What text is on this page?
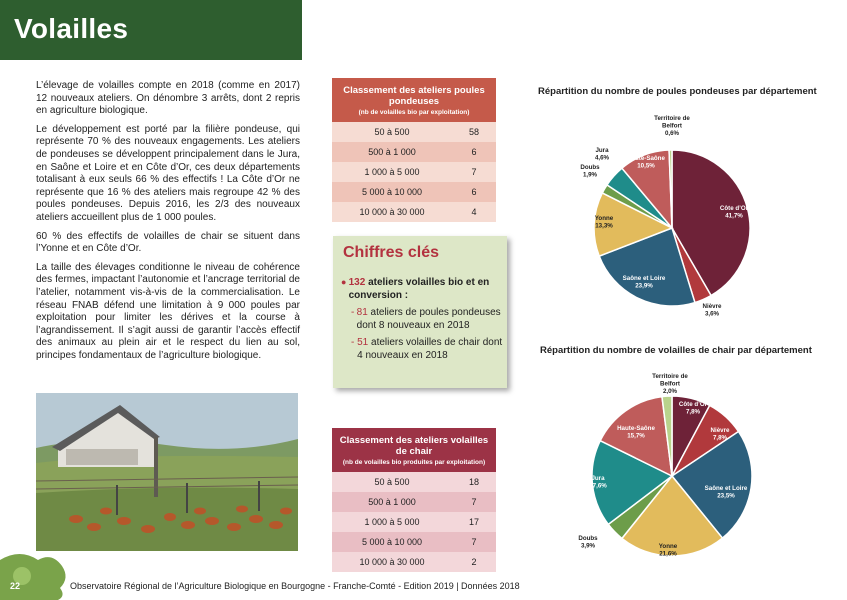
Volailles

L’élevage de volailles compte en 2018 (comme en 2017) 12 nouveaux ateliers. On dénombre 3 arrêts, dont 2 repris en agriculture biologique.

Le développement est porté par la filière pondeuse, qui représente 70 % des nouveaux engagements. Les ateliers de pondeuses se développent principalement dans le Jura, en Saône et Loire et en Côte d’Or, ces deux départements totalisant à eux seuls 66 % des effectifs ! La Côte d’Or ne représente que 16 % des ateliers mais regroupe 42 % des poules pondeuses. Depuis 2016, les 2/3 des nouveaux ateliers accueillent plus de 1 000 poules.

60 % des effectifs de volailles de chair se situent dans l’Yonne et en Côte d’Or.

La taille des élevages conditionne le niveau de cohérence des fermes, impactant l’autonomie et l’ancrage territorial de l’atelier, notamment vis-à-vis de la commercialisation. Le réseau FNAB défend une limitation à 9 000 poules par exploitation pour limiter les dérives et la course à l’agrandissement. Il s’agit aussi de garantir l’accès effectif des animaux au plein air et le respect du lien au sol, principes fondamentaux de l’agriculture biologique.

Classement des ateliers poules pondeuses
(nb de volailles bio par exploitation)
50 à 500	58
500 à 1 000	6
1 000 à 5 000	7
5 000 à 10 000	6
10 000 à 30 000	4
Chiffres clés
● 132 ateliers volailles bio et en conversion :
- 81 ateliers de poules pondeuses dont 8 nouveaux en 2018
- 51 ateliers volailles de chair dont 4 nouveaux en 2018
Classement des ateliers volailles de chair
(nb de volailles bio produites par exploitation)
50 à 500	18
500 à 1 000	7
1 000 à 5 000	17
5 000 à 10 000	7
10 000 à 30 000	2
Répartition du nombre de poules pondeuses par département
Côte d’Or 41,7%
Nièvre 3,6%
Saône et Loire 23,9%
Yonne 13,3%
Doubs 1,9%
Jura 4,6%	Haute-Saône 10,5%
Territoire de Belfort 0,6%
Répartition du nombre de volailles de chair par département
Côte d’Or 7,8%
Nièvre 7,8%
Saône et Loire 23,5%
Yonne 21,6%
Doubs 3,9%
Jura 17,6%
Haute-Saône 15,7%
Territoire de Belfort 2,0%
22	Observatoire Régional de l’Agriculture Biologique en Bourgogne - Franche-Comté - Edition 2019 | Données 2018
